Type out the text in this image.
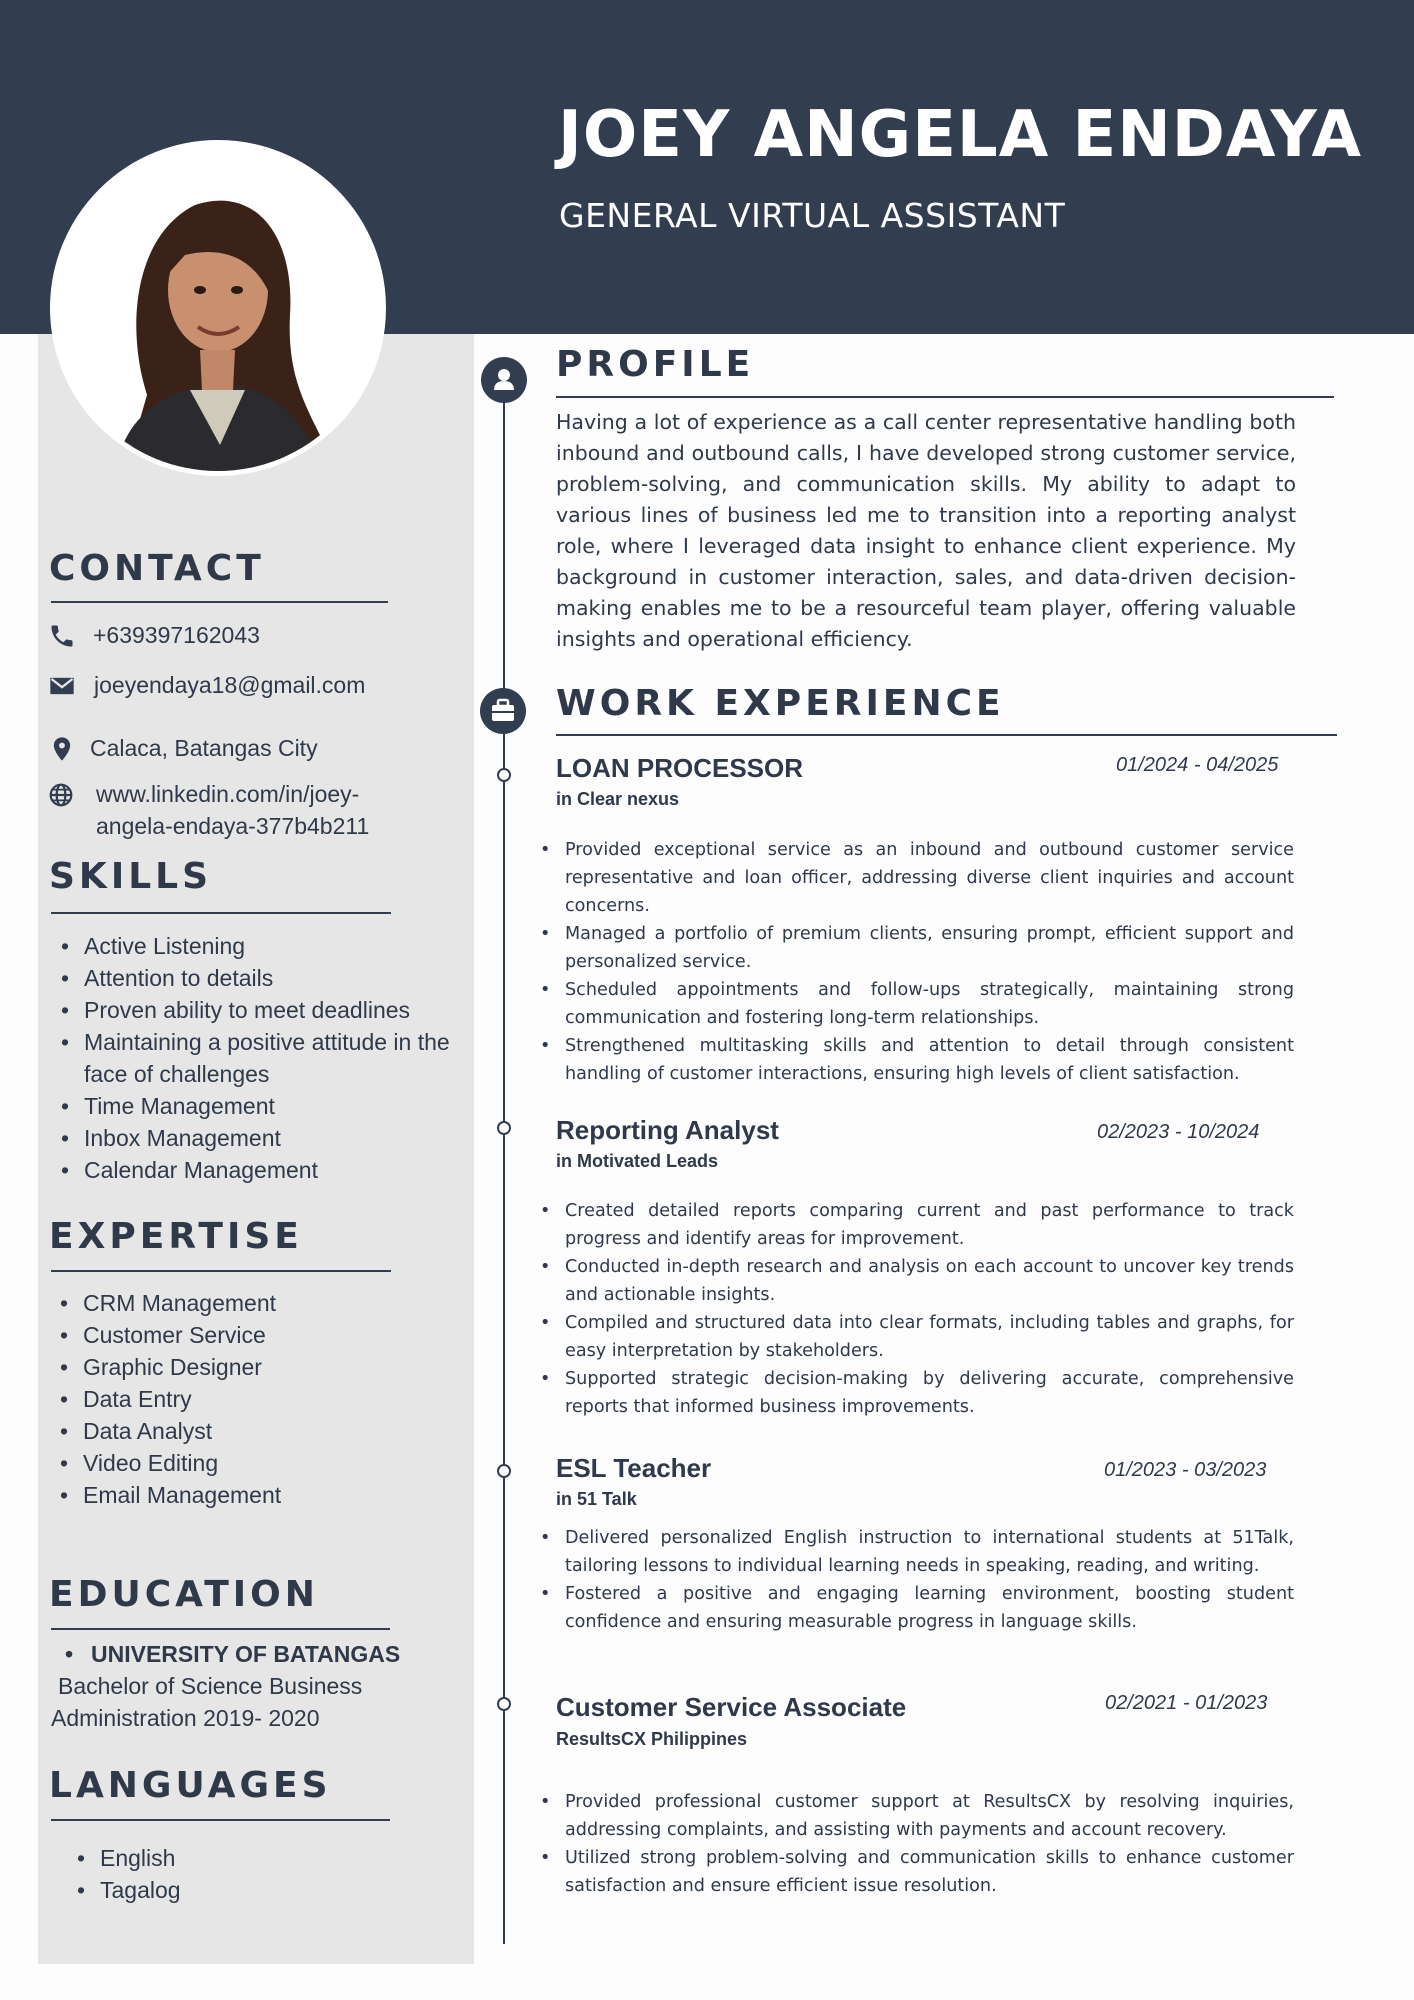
JOEY ANGELA ENDAYA
GENERAL VIRTUAL ASSISTANT
CONTACT
+639397162043
joeyendaya18@gmail.com
Calaca, Batangas City
www.linkedin.com/in/joey-
angela-endaya-377b4b211
SKILLS
• Active Listening
• Attention to details
• Proven ability to meet deadlines
• Maintaining a positive attitude in the face of challenges
• Time Management
• Inbox Management
• Calendar Management
EXPERTISE
• CRM Management
• Customer Service
• Graphic Designer
• Data Entry
• Data Analyst
• Video Editing
• Email Management
EDUCATION
• UNIVERSITY OF BATANGAS
Bachelor of Science Business
Administration 2019- 2020
LANGUAGES
• English
• Tagalog
PROFILE
Having a lot of experience as a call center representative handling both inbound and outbound calls, I have developed strong customer service, problem-solving, and communication skills. My ability to adapt to various lines of business led me to transition into a reporting analyst role, where I leveraged data insight to enhance client experience. My background in customer interaction, sales, and data-driven decision-making enables me to be a resourceful team player, offering valuable insights and operational efficiency.
WORK EXPERIENCE
LOAN PROCESSOR	01/2024 - 04/2025
in Clear nexus
• Provided exceptional service as an inbound and outbound customer service representative and loan officer, addressing diverse client inquiries and account concerns.
• Managed a portfolio of premium clients, ensuring prompt, efficient support and personalized service.
• Scheduled appointments and follow-ups strategically, maintaining strong communication and fostering long-term relationships.
• Strengthened multitasking skills and attention to detail through consistent handling of customer interactions, ensuring high levels of client satisfaction.
Reporting Analyst	02/2023 - 10/2024
in Motivated Leads
• Created detailed reports comparing current and past performance to track progress and identify areas for improvement.
• Conducted in-depth research and analysis on each account to uncover key trends and actionable insights.
• Compiled and structured data into clear formats, including tables and graphs, for easy interpretation by stakeholders.
• Supported strategic decision-making by delivering accurate, comprehensive reports that informed business improvements.
ESL Teacher	01/2023 - 03/2023
in 51 Talk
• Delivered personalized English instruction to international students at 51Talk, tailoring lessons to individual learning needs in speaking, reading, and writing.
• Fostered a positive and engaging learning environment, boosting student confidence and ensuring measurable progress in language skills.
Customer Service Associate	02/2021 - 01/2023
ResultsCX Philippines
• Provided professional customer support at ResultsCX by resolving inquiries, addressing complaints, and assisting with payments and account recovery.
• Utilized strong problem-solving and communication skills to enhance customer satisfaction and ensure efficient issue resolution.
